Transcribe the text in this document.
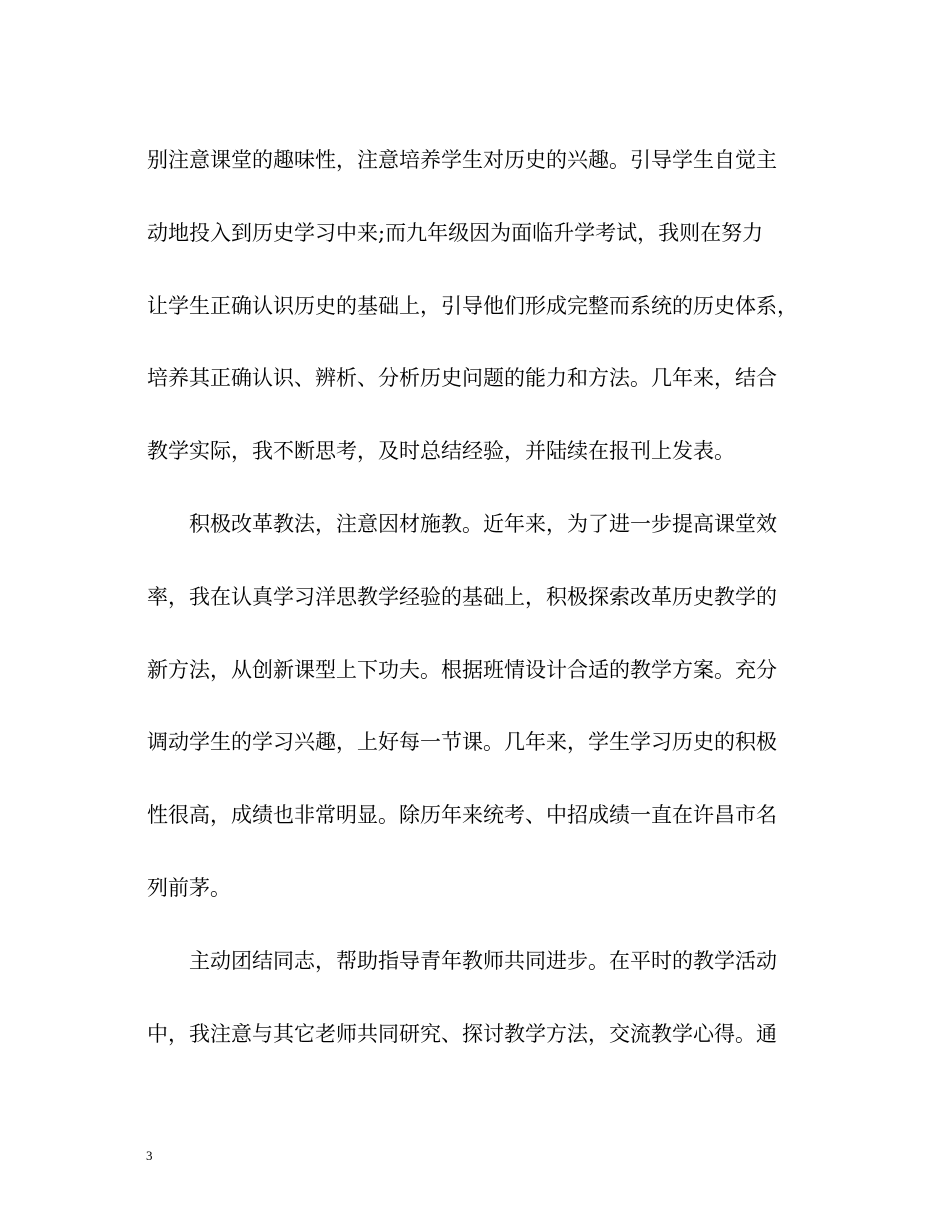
别注意课堂的趣味性，注意培养学生对历史的兴趣。引导学生自觉主
动地投入到历史学习中来;而九年级因为面临升学考试，我则在努力
让学生正确认识历史的基础上，引导他们形成完整而系统的历史体系，
培养其正确认识、辨析、分析历史问题的能力和方法。几年来，结合
教学实际，我不断思考，及时总结经验，并陆续在报刊上发表。
积极改革教法，注意因材施教。近年来，为了进一步提高课堂效
率，我在认真学习洋思教学经验的基础上，积极探索改革历史教学的
新方法，从创新课型上下功夫。根据班情设计合适的教学方案。充分
调动学生的学习兴趣，上好每一节课。几年来，学生学习历史的积极
性很高，成绩也非常明显。除历年来统考、中招成绩一直在许昌市名
列前茅。
主动团结同志，帮助指导青年教师共同进步。在平时的教学活动
中，我注意与其它老师共同研究、探讨教学方法，交流教学心得。通
3
